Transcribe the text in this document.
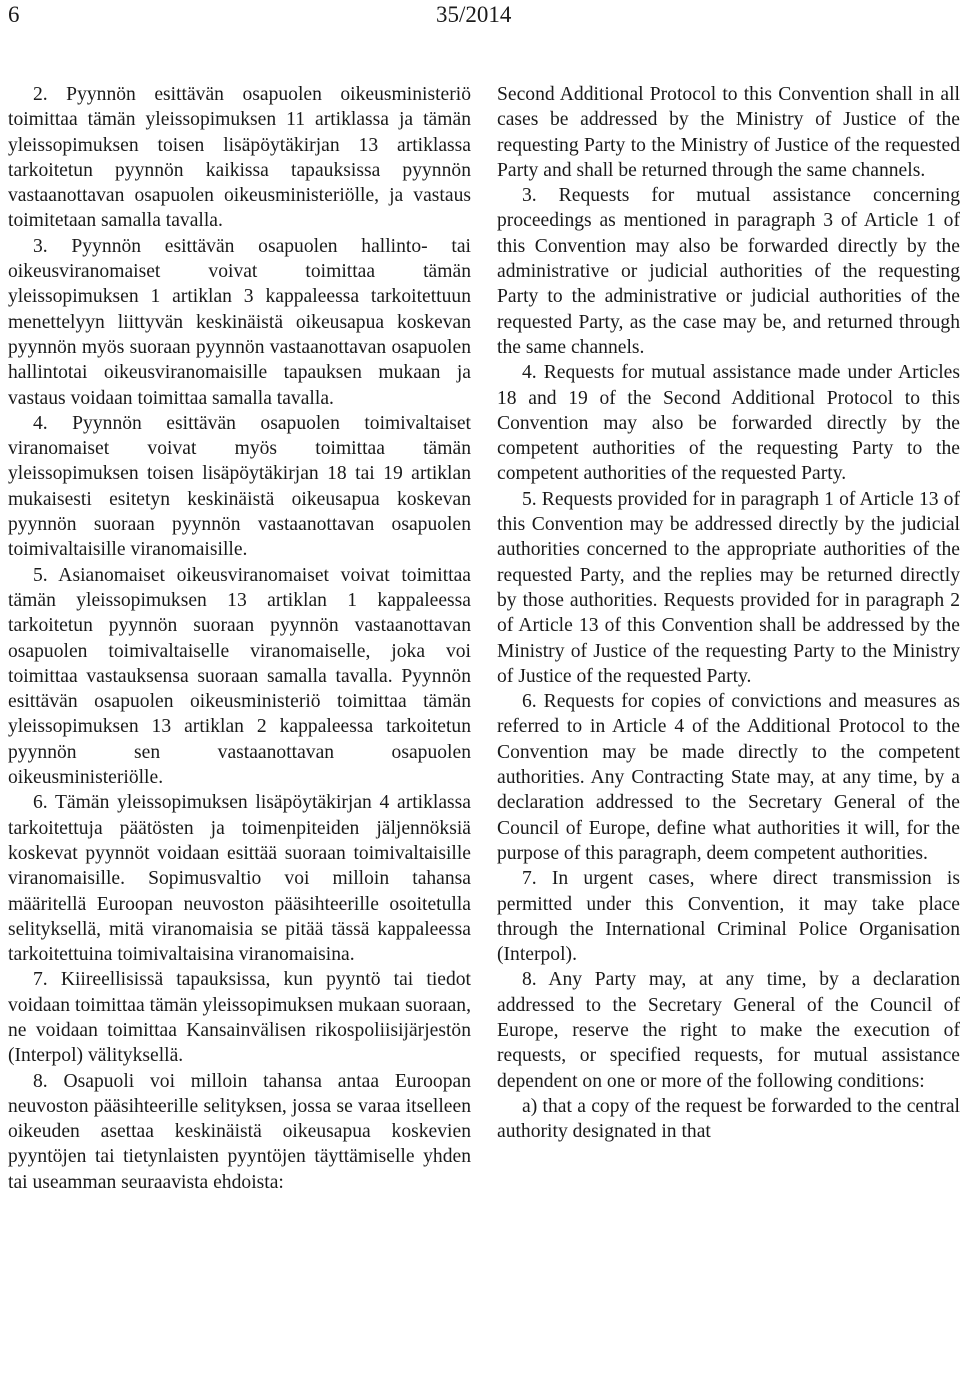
6	35/2014

2. Pyynnön esittävän osapuolen oikeusministeriö toimittaa tämän yleissopimuksen 11 artiklassa ja tämän yleissopimuksen toisen lisäpöytäkirjan 13 artiklassa tarkoitetun pyynnön kaikissa tapauksissa pyynnön vastaanottavan osapuolen oikeusministeriölle, ja vastaus toimitetaan samalla tavalla.

3. Pyynnön esittävän osapuolen hallinto- tai oikeusviranomaiset voivat toimittaa tämän yleissopimuksen 1 artiklan 3 kappaleessa tarkoitettuun menettelyyn liittyvän keskinäistä oikeusapua koskevan pyynnön myös suoraan pyynnön vastaanottavan osapuolen hallintotai oikeusviranomaisille tapauksen mukaan ja vastaus voidaan toimittaa samalla tavalla.

4. Pyynnön esittävän osapuolen toimivaltaiset viranomaiset voivat myös toimittaa tämän yleissopimuksen toisen lisäpöytäkirjan 18 tai 19 artiklan mukaisesti esitetyn keskinäistä oikeusapua koskevan pyynnön suoraan pyynnön vastaanottavan osapuolen toimivaltaisille viranomaisille.

5. Asianomaiset oikeusviranomaiset voivat toimittaa tämän yleissopimuksen 13 artiklan 1 kappaleessa tarkoitetun pyynnön suoraan pyynnön vastaanottavan osapuolen toimivaltaiselle viranomaiselle, joka voi toimittaa vastauksensa suoraan samalla tavalla. Pyynnön esittävän osapuolen oikeusministeriö toimittaa tämän yleissopimuksen 13 artiklan 2 kappaleessa tarkoitetun pyynnön sen vastaanottavan osapuolen oikeusministeriölle.

6. Tämän yleissopimuksen lisäpöytäkirjan 4 artiklassa tarkoitettuja päätösten ja toimenpiteiden jäljennöksiä koskevat pyynnöt voidaan esittää suoraan toimivaltaisille viranomaisille. Sopimusvaltio voi milloin tahansa määritellä Euroopan neuvoston pääsihteerille osoitetulla selityksellä, mitä viranomaisia se pitää tässä kappaleessa tarkoitettuina toimivaltaisina viranomaisina.

7. Kiireellisissä tapauksissa, kun pyyntö tai tiedot voidaan toimittaa tämän yleissopimuksen mukaan suoraan, ne voidaan toimittaa Kansainvälisen rikospoliisijärjestön (Interpol) välityksellä.

8. Osapuoli voi milloin tahansa antaa Euroopan neuvoston pääsihteerille selityksen, jossa se varaa itselleen oikeuden asettaa keskinäistä oikeusapua koskevien pyyntöjen tai tietynlaisten pyyntöjen täyttämiselle yhden tai useamman seuraavista ehdoista:

Second Additional Protocol to this Convention shall in all cases be addressed by the Ministry of Justice of the requesting Party to the Ministry of Justice of the requested Party and shall be returned through the same channels.

3. Requests for mutual assistance concerning proceedings as mentioned in paragraph 3 of Article 1 of this Convention may also be forwarded directly by the administrative or judicial authorities of the requesting Party to the administrative or judicial authorities of the requested Party, as the case may be, and returned through the same channels.

4. Requests for mutual assistance made under Articles 18 and 19 of the Second Additional Protocol to this Convention may also be forwarded directly by the competent authorities of the requesting Party to the competent authorities of the requested Party.

5. Requests provided for in paragraph 1 of Article 13 of this Convention may be addressed directly by the judicial authorities concerned to the appropriate authorities of the requested Party, and the replies may be returned directly by those authorities. Requests provided for in paragraph 2 of Article 13 of this Convention shall be addressed by the Ministry of Justice of the requesting Party to the Ministry of Justice of the requested Party.

6. Requests for copies of convictions and measures as referred to in Article 4 of the Additional Protocol to the Convention may be made directly to the competent authorities. Any Contracting State may, at any time, by a declaration addressed to the Secretary General of the Council of Europe, define what authorities it will, for the purpose of this paragraph, deem competent authorities.

7. In urgent cases, where direct transmission is permitted under this Convention, it may take place through the International Criminal Police Organisation (Interpol).

8. Any Party may, at any time, by a declaration addressed to the Secretary General of the Council of Europe, reserve the right to make the execution of requests, or specified requests, for mutual assistance dependent on one or more of the following conditions:

a) that a copy of the request be forwarded to the central authority designated in that
